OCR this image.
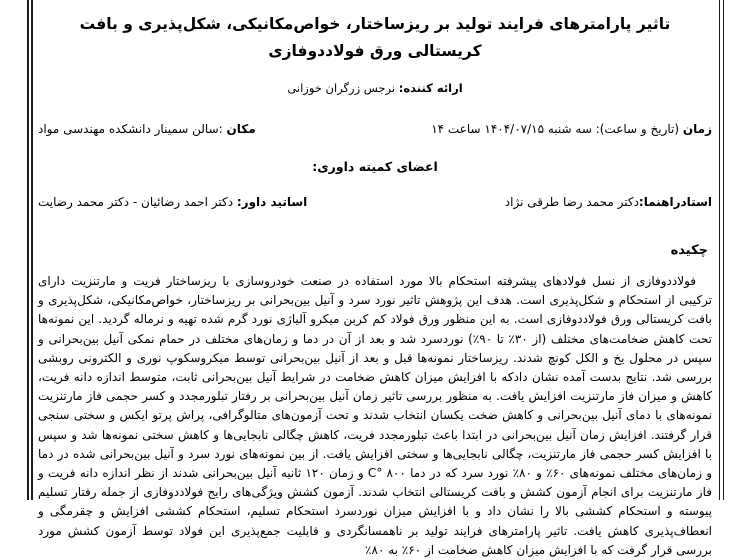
تاثیر پارامترهای فرایند تولید بر ریزساختار، خواص‌مکانیکی، شکل‌پذیری و بافت کریستالی ورق فولاددوفازی

ارائه کننده: نرجس زرگران خوزانی

زمان (تاریخ و ساعت): سه شنبه ۱۴۰۴/۰۷/۱۵ ساعت ۱۴

مکان :سالن سمینار دانشکده مهندسی مواد

اعضای کمیته داوری:

استادراهنما:دکتر محمد رضا طرقی نژاد

اساتید داور: دکتر احمد رضائیان - دکتر محمد رضایت

چکیده

فولاددوفازی از نسل فولادهای پیشرفته استحکام بالا مورد استفاده در صنعت خودروسازی با ریزساختار فریت و مارتنزیت دارای ترکیبی از استحکام و شکل‌پذیری است. هدف این پژوهش تاثیر نورد سرد و آنیل بین‌بحرانی بر ریزساختار، خواص‌مکانیکی، شکل‌پذیری و بافت کریستالی ورق فولاددوفازی است. به این منظور ورق فولاد کم کربن میکرو آلیاژی نورد گرم شده تهیه و نرماله گردید. این نمونه‌ها تحت کاهش ضخامت‌های مختلف (از ۳۰٪ تا ۹۰٪) نوردسرد شد و بعد از آن در دما و زمان‌های مختلف در حمام نمکی آنیل بین‌بحرانی و سپس در محلول یخ و الکل کونچ شدند. ریزساختار نمونه‌ها قبل و بعد از آنیل بین‌بحرانی توسط میکروسکوپ نوری و الکترونی روبشی بررسی شد. نتایج بدست آمده نشان دادکه با افزایش میزان کاهش ضخامت در شرایط آنیل بین‌بحرانی ثابت، متوسط اندازه دانه فریت، کاهش و میزان فاز مارتنزیت افزایش یافت. به منظور بررسی تاثیر زمان آنیل بین‌بحرانی بر رفتار تبلورمجدد و کسر حجمی فاز مارتنزیت نمونه‌های با دمای آنیل بین‌بحرانی و کاهش ضخت یکسان انتخاب شدند و تحت آزمون‌های متالوگرافی، پراش پرتو ایکس و سختی سنجی قرار گرفتند. افزایش زمان آنیل بین‌بحرانی در ابتدا باعث تبلورمجدد فریت، کاهش چگالی نابجایی‌ها و کاهش سختی نمونه‌ها شد و سپس با افزایش کسر حجمی فاز مارتنزیت، چگالی نابجایی‌ها و سختی افزایش یافت. از بین نمونه‌های نورد سرد و آنیل بین‌بحرانی شده در دما و زمان‌های مختلف نمونه‌های ۶۰٪ و ۸۰٪ نورد سرد که در دما ۸۰۰ °C و زمان ۱۲۰ ثانیه آنیل بین‌بحرانی شدند از نظر اندازه دانه فریت و فاز مارتنزیت برای انجام آزمون کشش و بافت کریستالی انتخاب شدند. آزمون کشش ویژگی‌های رایج فولاددوفازی از جمله رفتار تسلیم پیوسته و استحکام کششی بالا را نشان داد و با افزایش میزان نوردسرد استحکام تسلیم، استحکام کششی افزایش و چقرمگی و انعطاف‌پذیری کاهش یافت. تاثیر پارامترهای فرایند تولید بر ناهمسانگردی و قابلیت جمع‌پذیری این فولاد توسط آزمون کشش مورد بررسی قرار گرفت که با افزایش میزان کاهش ضخامت از ۶۰٪ به ۸۰٪
